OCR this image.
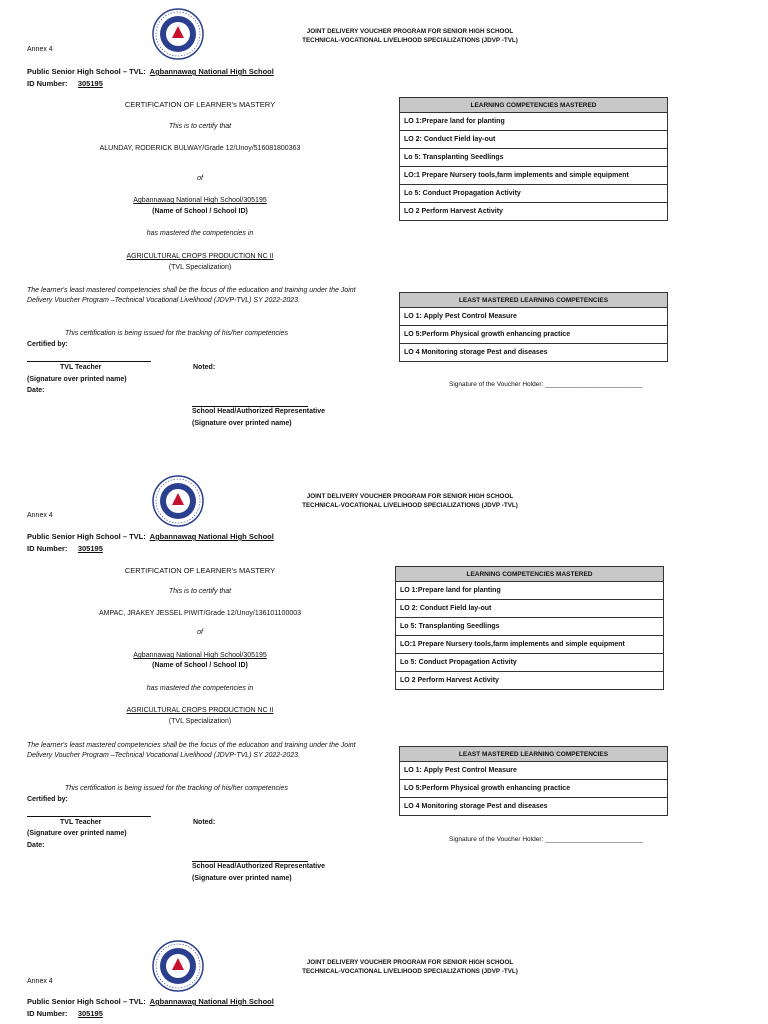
JOINT DELIVERY VOUCHER PROGRAM FOR SENIOR HIGH SCHOOL
TECHNICAL-VOCATIONAL LIVELIHOOD SPECIALIZATIONS (JDVP -TVL)
Annex 4
Public Senior High School – TVL: Agbannawag National High School
ID Number: 305195
CERTIFICATION OF LEARNER's MASTERY
This is to certify that
ALUNDAY, RODERICK BULWAY/Grade 12/Unoy/516081800363
of
Agbannawag National High School/305195
(Name of School / School ID)
has mastered the competencies in
AGRICULTURAL CROPS PRODUCTION NC II
(TVL Specialization)
The learner's least mastered competencies shall be the focus of the education and training under the Joint Delivery Voucher Program –Technical Vocational Livelihood (JDVP-TVL) SY 2022-2023.
This certification is being issued for the tracking of his/her competencies
Certified by:
TVL Teacher
(Signature over printed name)
Date:
Noted:
School Head/Authorized Representative
(Signature over printed name)
LEARNING COMPETENCIES MASTERED
LO 1:Prepare land for planting
LO 2: Conduct Field lay-out
Lo 5: Transplanting Seedlings
LO:1 Prepare Nursery tools,farm implements and simple equipment
Lo 5: Conduct Propagation Activity
LO 2 Perform Harvest Activity
LEAST MASTERED LEARNING COMPETENCIES
LO 1: Apply Pest Control Measure
LO 5:Perform Physical growth enhancing practice
LO 4 Monitoring storage Pest and diseases
Signature of the Voucher Holder: ___________________________
JOINT DELIVERY VOUCHER PROGRAM FOR SENIOR HIGH SCHOOL
TECHNICAL-VOCATIONAL LIVELIHOOD SPECIALIZATIONS (JDVP -TVL)
Annex 4
Public Senior High School – TVL: Agbannawag National High School
ID Number: 305195
CERTIFICATION OF LEARNER's MASTERY
This is to certify that
AMPAC, JRAKEY JESSEL PIWIT/Grade 12/Unoy/136101100003
of
Agbannawag National High School/305195
(Name of School / School ID)
has mastered the competencies in
AGRICULTURAL CROPS PRODUCTION NC II
(TVL Specialization)
The learner's least mastered competencies shall be the focus of the education and training under the Joint Delivery Voucher Program –Technical Vocational Livelihood (JDVP-TVL) SY 2022-2023.
This certification is being issued for the tracking of his/her competencies
Certified by:
TVL Teacher
(Signature over printed name)
Date:
Noted:
School Head/Authorized Representative
(Signature over printed name)
LEARNING COMPETENCIES MASTERED
LO 1:Prepare land for planting
LO 2: Conduct Field lay-out
Lo 5: Transplanting Seedlings
LO:1 Prepare Nursery tools,farm implements and simple equipment
Lo 5: Conduct Propagation Activity
LO 2 Perform Harvest Activity
LEAST MASTERED LEARNING COMPETENCIES
LO 1: Apply Pest Control Measure
LO 5:Perform Physical growth enhancing practice
LO 4 Monitoring storage Pest and diseases
Signature of the Voucher Holder: ___________________________
JOINT DELIVERY VOUCHER PROGRAM FOR SENIOR HIGH SCHOOL
TECHNICAL-VOCATIONAL LIVELIHOOD SPECIALIZATIONS (JDVP -TVL)
Annex 4
Public Senior High School – TVL: Agbannawag National High School
ID Number: 305195
